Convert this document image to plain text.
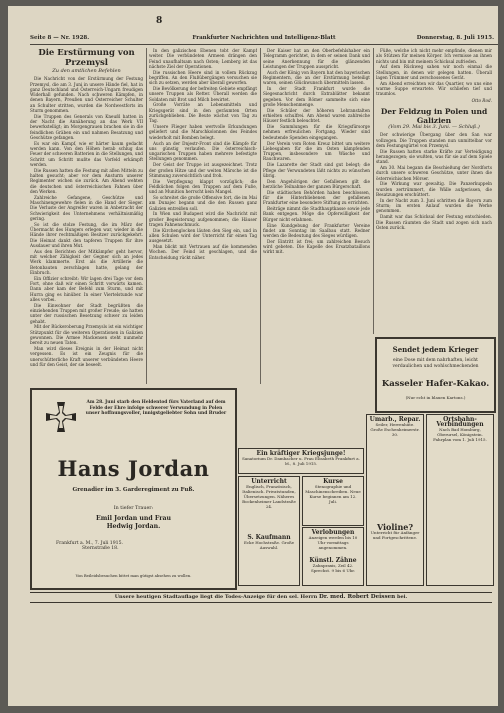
8
Seite 8 — Nr. 1928.	Frankfurter Nachrichten und Intelligenz-Blatt	Donnerstag, 8. Juli 1915.
Die Erstürmung von Przemysl
Zu den amtlichen Befehlen

Die Nachricht von der Erstürmung der Festung Przemysl, die am 3. Juni in unsere Hände fiel, hat in ganz Deutschland und Österreich-Ungarn freudigen Widerhall gefunden. Nach schweren Kämpfen, in denen Bayern, Preußen und Österreicher Schulter an Schulter stritten, wurden die Nordwestforts im Sturm genommen.

Die Truppen des Generals von Kneußl hatten in der Nacht die Annäherung an das Werk VII bewerkstelligt; im Morgengrauen brachen sie in die feindlichen Gräben ein und nahmen Besatzung und Geschütze gefangen.

Es war ein Kampf, wie er härter kaum gedacht werden kann. Von den Höhen herab schlug das Feuer der schweren Batterien in die Stellungen, und Schritt um Schritt mußte das Vorfeld erkämpft werden.

Die Russen hatten die Festung mit allen Mitteln zu halten gesucht; aber vor dem Ansturm unserer Regimenter wichen sie zurück. Am Abend wehten die deutschen und österreichischen Fahnen über den Werken.

Zahlreiche Gefangene, Geschütze und Maschinengewehre fielen in die Hand der Sieger. Die Verluste der Angreifer waren in Anbetracht der Schwierigkeit des Unternehmens verhältnismäßig gering.

So ist die stolze Festung, die im März der Übermacht des Hungers erlegen war, wieder in die Hände ihrer rechtmäßigen Besitzer zurückgekehrt. Die Heimat dankt den tapferen Truppen für ihre Ausdauer und ihren Mut.

Aus den Berichten der Mitkämpfer geht hervor, mit welcher Zähigkeit der Gegner sich an jedes Werk klammerte. Erst als die Artillerie die Betonbauten zerschlagen hatte, gelang der Einbruch.

Ein Offizier schreibt: Wir lagen drei Tage vor dem Fort, ohne daß wir einen Schritt vorwärts kamen. Dann aber kam der Befehl zum Sturm, und mit Hurra ging es hinüber. In einer Viertelstunde war alles vorbei.

Die Einwohner der Stadt begrüßten die einziehenden Truppen mit großer Freude; sie hatten unter der russischen Besetzung schwer zu leiden gehabt.

Mit der Rückeroberung Przemysls ist ein wichtiger Stützpunkt für die weiteren Operationen in Galizien gewonnen. Die Armee Mackensen steht nunmehr bereit zu neuen Taten.

Man wird dieses Ereignis in der Heimat nicht vergessen. Es ist ein Zeugnis für die unerschütterliche Kraft unserer verbündeten Heere und für den Geist, der sie beseelt.

In den galizischen Ebenen tobt der Kampf weiter. Die verbündeten Armeen drängen den Feind unaufhaltsam nach Osten; Lemberg ist das nächste Ziel der Operationen.

Die russischen Heere sind in vollem Rückzug begriffen. An den Flußübergängen versuchen sie sich zu setzen, werden aber überall geworfen.

Die Bevölkerung der befreiten Gebiete empfängt unsere Truppen als Retter. Überall werden die Soldaten mit Brot und Milch bewirtet.

Große Vorräte an Lebensmitteln und Kriegsgerät sind in den geräumten Orten zurückgeblieben. Die Beute wächst von Tag zu Tag.

Unsere Flieger haben wertvolle Erkundungen geliefert und die Marschkolonnen des Feindes wiederholt mit Bomben belegt.

Auch an der Dnjestr-Front sind die Kämpfe für uns günstig verlaufen. Die österreichisch-ungarischen Truppen haben mehrere befestigte Stellungen genommen.

Der Geist der Truppe ist ausgezeichnet. Trotz der großen Hitze und der weiten Märsche ist die Stimmung zuversichtlich und froh.

Die Verpflegung klappt vorzüglich; die Feldküchen folgen den Truppen auf dem Fuße, und an Munition herrscht kein Mangel.

So schreitet die große Offensive fort, die im Mai am Dunajec begann und die den Russen ganz Galizien entreißen soll.

In Wien und Budapest wird die Nachricht mit großer Begeisterung aufgenommen; die Häuser tragen Fahnenschmuck.

Die Kirchenglocken läuten den Sieg ein, und in allen Schulen wird der Unterricht für einen Tag ausgesetzt.

Man blickt mit Vertrauen auf die kommenden Wochen. Der Feind ist geschlagen, und die Entscheidung rückt näher.

Der Kaiser hat an den Oberbefehlshaber ein Telegramm gerichtet, in dem er seinen Dank und seine Anerkennung für die glänzenden Leistungen der Truppen ausspricht.

Auch der König von Bayern hat den bayerischen Regimentern, die an der Erstürmung beteiligt waren, seinen Glückwunsch übermitteln lassen.

In der Stadt Frankfurt wurde die Siegesnachricht durch Extrablätter bekannt gegeben. Vor dem Römer sammelte sich eine große Menschenmenge.

Die Schüler der höheren Lehranstalten erhielten schulfrei. Am Abend waren zahlreiche Häuser festlich beleuchtet.

Die Sammlungen für die Kriegsfürsorge nehmen erfreulichen Fortgang. Wieder sind bedeutende Spenden eingegangen.

Der Verein vom Roten Kreuz bittet um weitere Liebesgaben für die im Osten kämpfenden Truppen, insbesondere um Wäsche und Rauchwaren.

Die Lazarette der Stadt sind gut belegt; die Pflege der Verwundeten läßt nichts zu wünschen übrig.

Den Angehörigen der Gefallenen gilt die herzliche Teilnahme der ganzen Bürgerschaft.

Die städtischen Behörden haben beschlossen, für die Hinterbliebenen der gefallenen Frankfurter eine besondere Stiftung zu errichten.

Beiträge nimmt die Stadthauptkasse sowie jede Bank entgegen. Möge die Opferwilligkeit der Bürger nicht erlahmen.

Eine Kundgebung der Frankfurter Vereine findet am Sonntag im Saalbau statt. Redner werden die Bedeutung des Sieges würdigen.

Der Eintritt ist frei; um zahlreichen Besuch wird gebeten. Die Kapelle des Ersatzbataillons wirkt mit.

Füße, welche ich nicht mehr empfinde, dienen mir als Stützen für meinen Körper. Ich vermisse an ihnen nichts und bin mit meinem Schicksal zufrieden.

Auf dem Rückweg sahen wir noch einmal die Stellungen, in denen wir gelegen hatten. Überall lagen Trümmer und zerschossenes Gerät.

Am Abend erreichten wir das Quartier, wo uns eine warme Suppe erwartete. Wir schliefen tief und traumlos.

Otto Rod.
Der Feldzug in Polen und Galizien
(Vom 29. Mai bis 3. Juni. — Schluß.)

Der schwierige Übergang über den San war vollzogen. Die Truppen standen nun unmittelbar vor dem Festungsgürtel von Przemysl.

Die Russen hatten starke Kräfte zur Verteidigung herangezogen; sie wußten, was für sie auf dem Spiele stand.

Am 30. Mai begann die Beschießung der Nordforts durch unsere schweren Geschütze, unter ihnen die österreichischen Mörser.

Die Wirkung war gewaltig. Die Panzerkuppeln wurden zertrümmert, die Wälle aufgerissen, die Besatzungen erschüttert.

In der Nacht zum 3. Juni schritten die Bayern zum Sturm; im ersten Anlauf wurden die Werke genommen.

Damit war das Schicksal der Festung entschieden. Die Russen räumten die Stadt und zogen sich nach Osten zurück.

Sendet jedem Krieger
eine Dose mit dem nahrhaften, leicht verdaulichen und wohlschmeckenden
Kasseler Hafer-Kakao.
(Nur echt in blauen Kartons.)
Am 28. Juni starb den Heldentod fürs Vaterland auf dem Felde der Ehre infolge schwerer Verwundung in Polen unser hoffnungsvoller, innigstgeliebter Sohn und Bruder
Hans Jordan
Grenadier im 3. Garderegiment zu Fuß.
In tiefer Trauer:
Emil Jordan und Frau
Hedwig Jordan.
Frankfurt a. M., 7. Juli 1915.
Sternstraße 18.
Von Beileidsbesuchen bittet man gütigst absehen zu wollen.
Ein kräftiger Kriegsjunge!
Sanatorium Dr. Dambacher u. Frau Elisabeth Frankfurt a. M., 8. Juli 1915.
Unterricht
Englisch, Französisch, Italienisch. Privatstunden, Übersetzungen. Näheres Bockenheimer Landstraße 24.
S. Kaufmann
Ecke Hochstraße. Große Auswahl.
Kurse
Stenographie und Maschinenschreiben. Neue Kurse beginnen am 12. Juli.
Verlobungen
Anzeigen werden bis 10 Uhr vormittags angenommen.
Künstl. Zähne
Zahnpraxis, Zeil 42. Sprechst. 9 bis 6 Uhr.
Umarb., Repar.
Seiler, Herrenhüte. Große Eschenheimerstr. 30.
Violine?
Unterricht für Anfänger und Fortgeschrittene.
Ortsbahn-Verbindungen
Nach Bad Homburg, Oberursel, Königstein. Fahrplan vom 1. Juli 1915.
Unsere heutigen Stadtauflage liegt die Todes-Anzeige für den sel. Herrn Dr. med. Robert Deissen bei.
